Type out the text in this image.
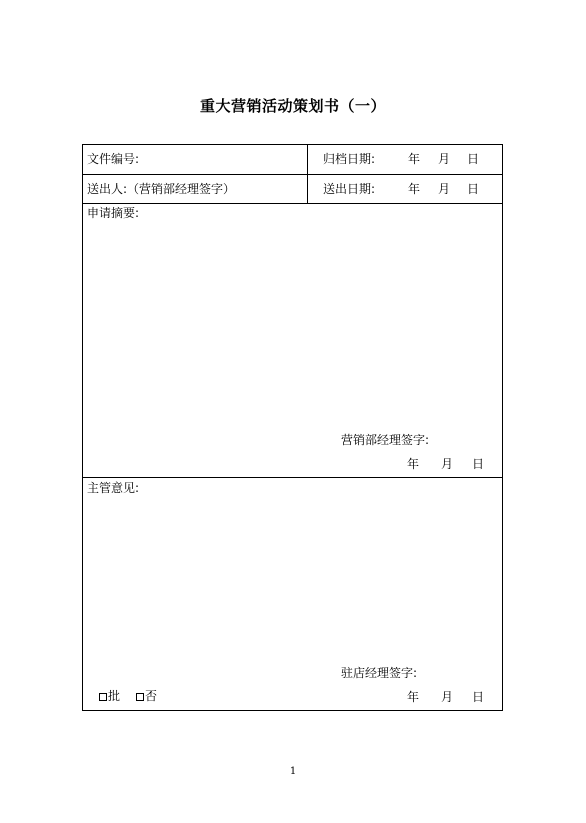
重大营销活动策划书（一）
文件编号:	归档日期:	年 月 日
送出人:（营销部经理签字）	送出日期:	年 月 日
申请摘要:
营销部经理签字:
年 月 日
主管意见:
驻店经理签字:
批	否	年 月 日
1
